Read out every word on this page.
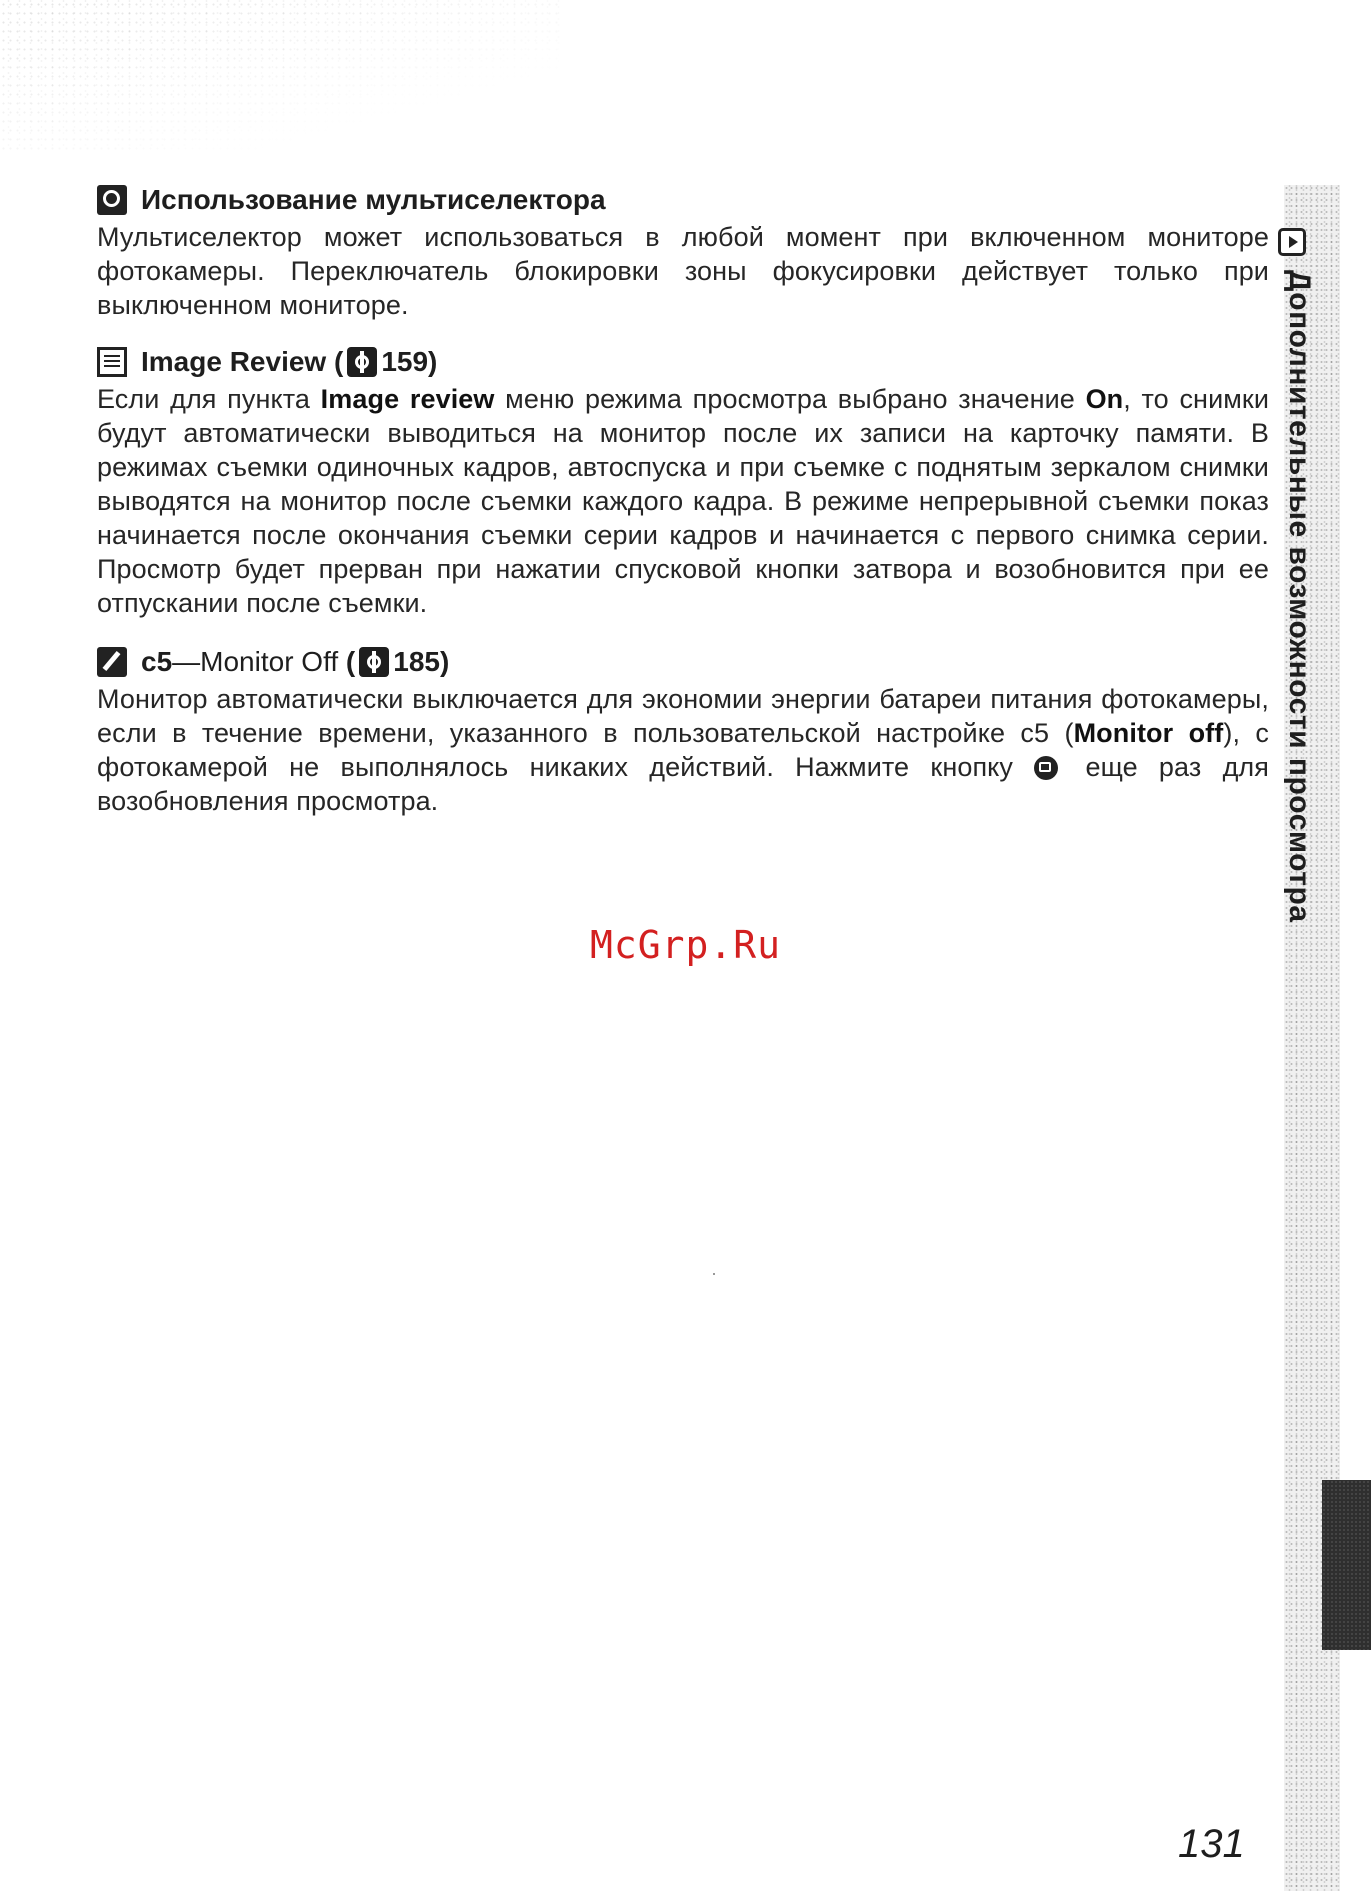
Дополнительные возможности просмотра
Использование мультиселектора

Мультиселектор может использоваться в любой момент при включенном мониторе фотокамеры. Переключатель блокировки зоны фокусировки действует только при выключенном мониторе.

Image Review ( 159)

Если для пункта Image review меню режима просмотра выбрано значение On, то снимки будут автоматически выводиться на монитор после их записи на карточку памяти. В режимах съемки одиночных кадров, автоспуска и при съемке с поднятым зеркалом снимки выводятся на монитор после съемки каждого кадра. В режиме непрерывной съемки показ начинается после окончания съемки серии кадров и начинается с первого снимка серии. Просмотр будет прерван при нажатии спусковой кнопки затвора и возобновится при ее отпускании после съемки.

c5—Monitor Off ( 185)

Монитор автоматически выключается для экономии энергии батареи питания фотокамеры, если в течение времени, указанного в пользовательской настройке c5 (Monitor off), с фотокамерой не выполнялось никаких действий. Нажмите кнопку  еще раз для возобновления просмотра.

McGrp.Ru
131
